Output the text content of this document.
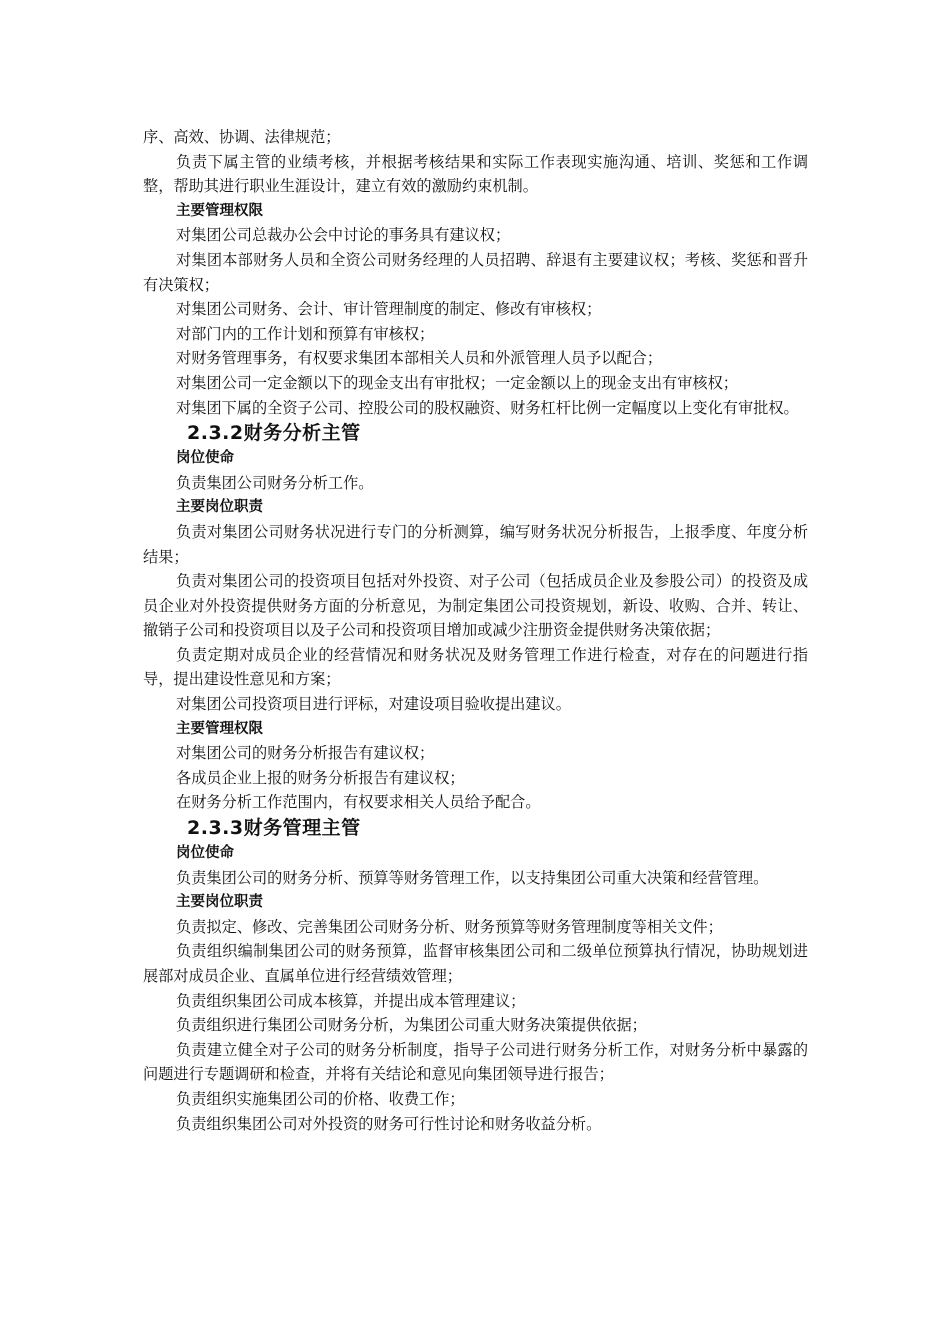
序、高效、协调、法律规范；

负责下属主管的业绩考核，并根据考核结果和实际工作表现实施沟通、培训、奖惩和工作调整，帮助其进行职业生涯设计，建立有效的激励约束机制。

主要管理权限

对集团公司总裁办公会中讨论的事务具有建议权；

对集团本部财务人员和全资公司财务经理的人员招聘、辞退有主要建议权；考核、奖惩和晋升有决策权；

对集团公司财务、会计、审计管理制度的制定、修改有审核权；

对部门内的工作计划和预算有审核权；

对财务管理事务，有权要求集团本部相关人员和外派管理人员予以配合；

对集团公司一定金额以下的现金支出有审批权；一定金额以上的现金支出有审核权；

对集团下属的全资子公司、控股公司的股权融资、财务杠杆比例一定幅度以上变化有审批权。

2.3.2财务分析主管
岗位使命

负责集团公司财务分析工作。

主要岗位职责

负责对集团公司财务状况进行专门的分析测算，编写财务状况分析报告，上报季度、年度分析结果；

负责对集团公司的投资项目包括对外投资、对子公司（包括成员企业及参股公司）的投资及成员企业对外投资提供财务方面的分析意见，为制定集团公司投资规划，新设、收购、合并、转让、撤销子公司和投资项目以及子公司和投资项目增加或减少注册资金提供财务决策依据；

负责定期对成员企业的经营情况和财务状况及财务管理工作进行检查，对存在的问题进行指导，提出建设性意见和方案；

对集团公司投资项目进行评标，对建设项目验收提出建议。

主要管理权限

对集团公司的财务分析报告有建议权；

各成员企业上报的财务分析报告有建议权；

在财务分析工作范围内，有权要求相关人员给予配合。

2.3.3财务管理主管
岗位使命

负责集团公司的财务分析、预算等财务管理工作，以支持集团公司重大决策和经营管理。

主要岗位职责

负责拟定、修改、完善集团公司财务分析、财务预算等财务管理制度等相关文件；

负责组织编制集团公司的财务预算，监督审核集团公司和二级单位预算执行情况，协助规划进展部对成员企业、直属单位进行经营绩效管理；

负责组织集团公司成本核算，并提出成本管理建议；

负责组织进行集团公司财务分析，为集团公司重大财务决策提供依据；

负责建立健全对子公司的财务分析制度，指导子公司进行财务分析工作，对财务分析中暴露的问题进行专题调研和检查，并将有关结论和意见向集团领导进行报告；

负责组织实施集团公司的价格、收费工作；

负责组织集团公司对外投资的财务可行性讨论和财务收益分析。
